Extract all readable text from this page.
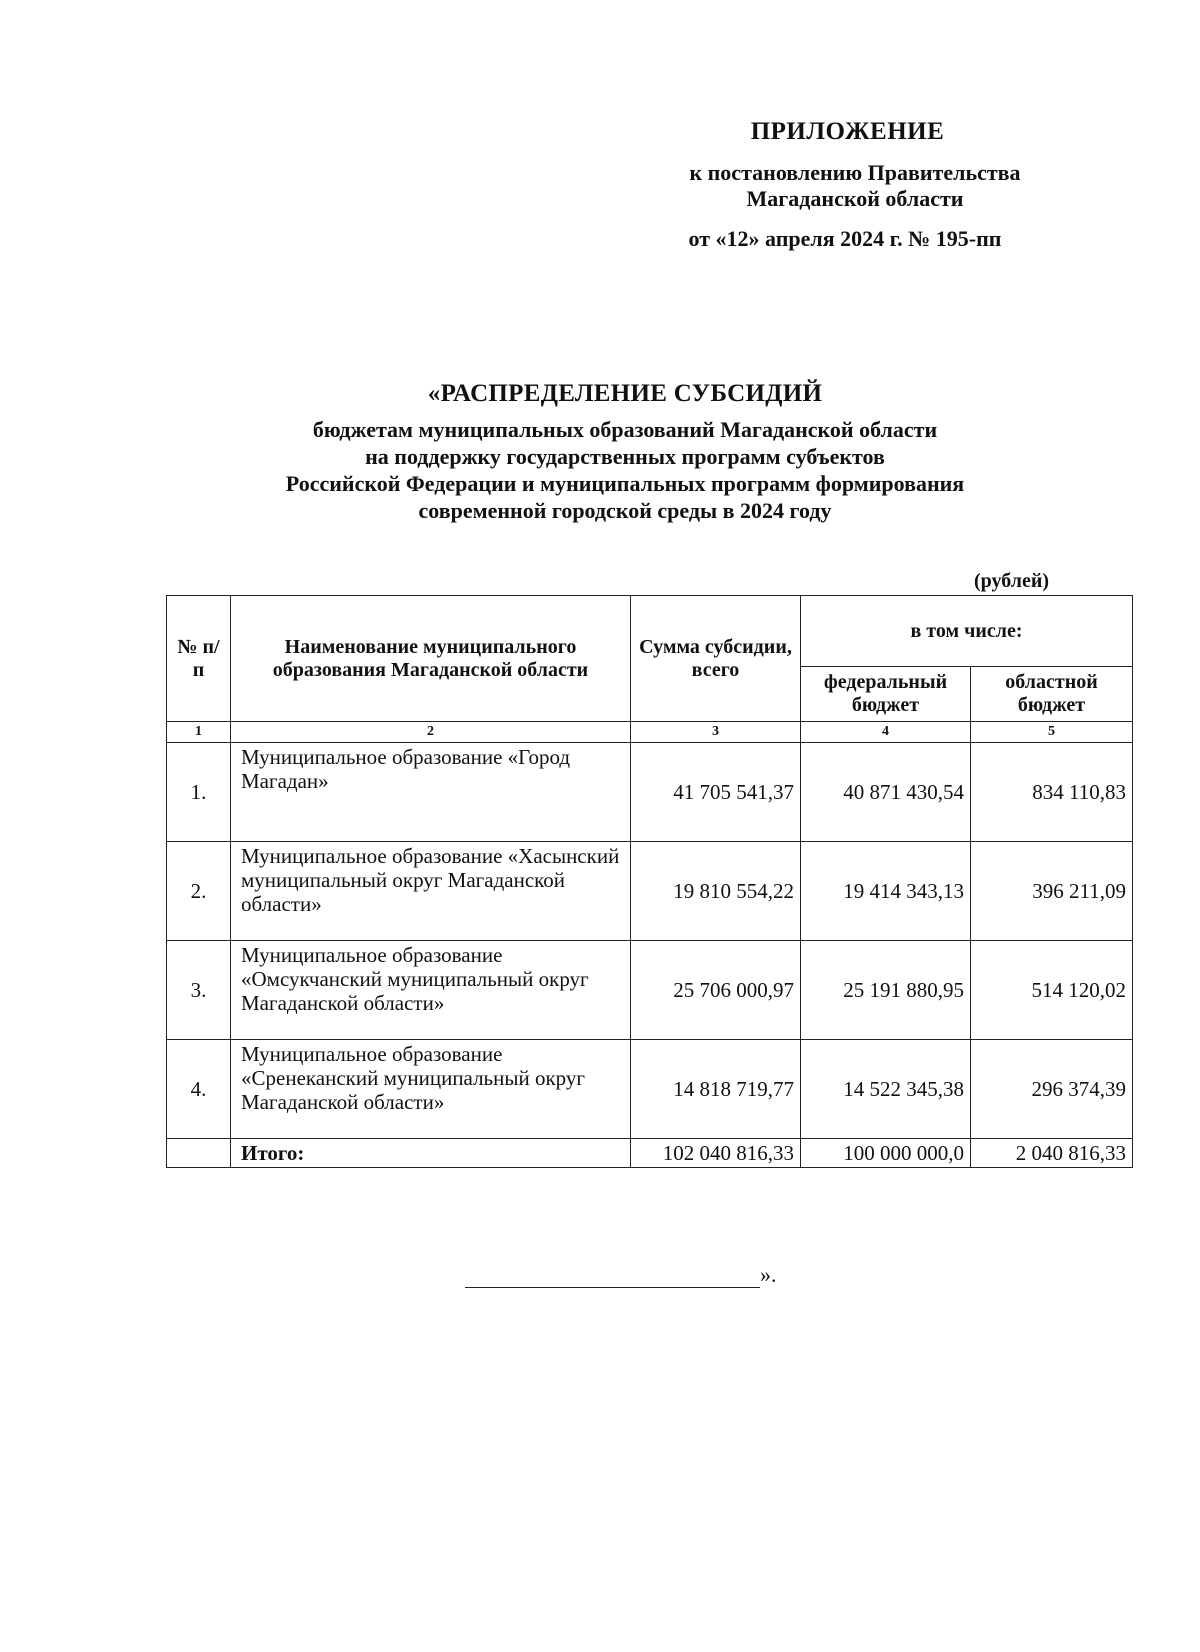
ПРИЛОЖЕНИЕ
к постановлению Правительства
Магаданской области
от «12» апреля 2024 г. № 195-пп
«РАСПРЕДЕЛЕНИЕ СУБСИДИЙ
бюджетам муниципальных образований Магаданской области
на поддержку государственных программ субъектов
Российской Федерации и муниципальных программ формирования
современной городской среды в 2024 году
(рублей)
№ п/п	Наименование муниципального образования Магаданской области	Сумма субсидии, всего	в том числе:	
			федеральный бюджет	областной бюджет
1	2	3	4	5
1.	Муниципальное образование «Город Магадан»	41 705 541,37	40 871 430,54	834 110,83
2.	Муниципальное образование «Хасынский муниципальный округ Магаданской области»	19 810 554,22	19 414 343,13	396 211,09
3.	Муниципальное образование «Омсукчанский муниципальный округ Магаданской области»	25 706 000,97	25 191 880,95	514 120,02
4.	Муниципальное образование «Сренеканский муниципальный округ Магаданской области»	14 818 719,77	14 522 345,38	296 374,39
	Итого:	102 040 816,33	100 000 000,0	2 040 816,33
».
